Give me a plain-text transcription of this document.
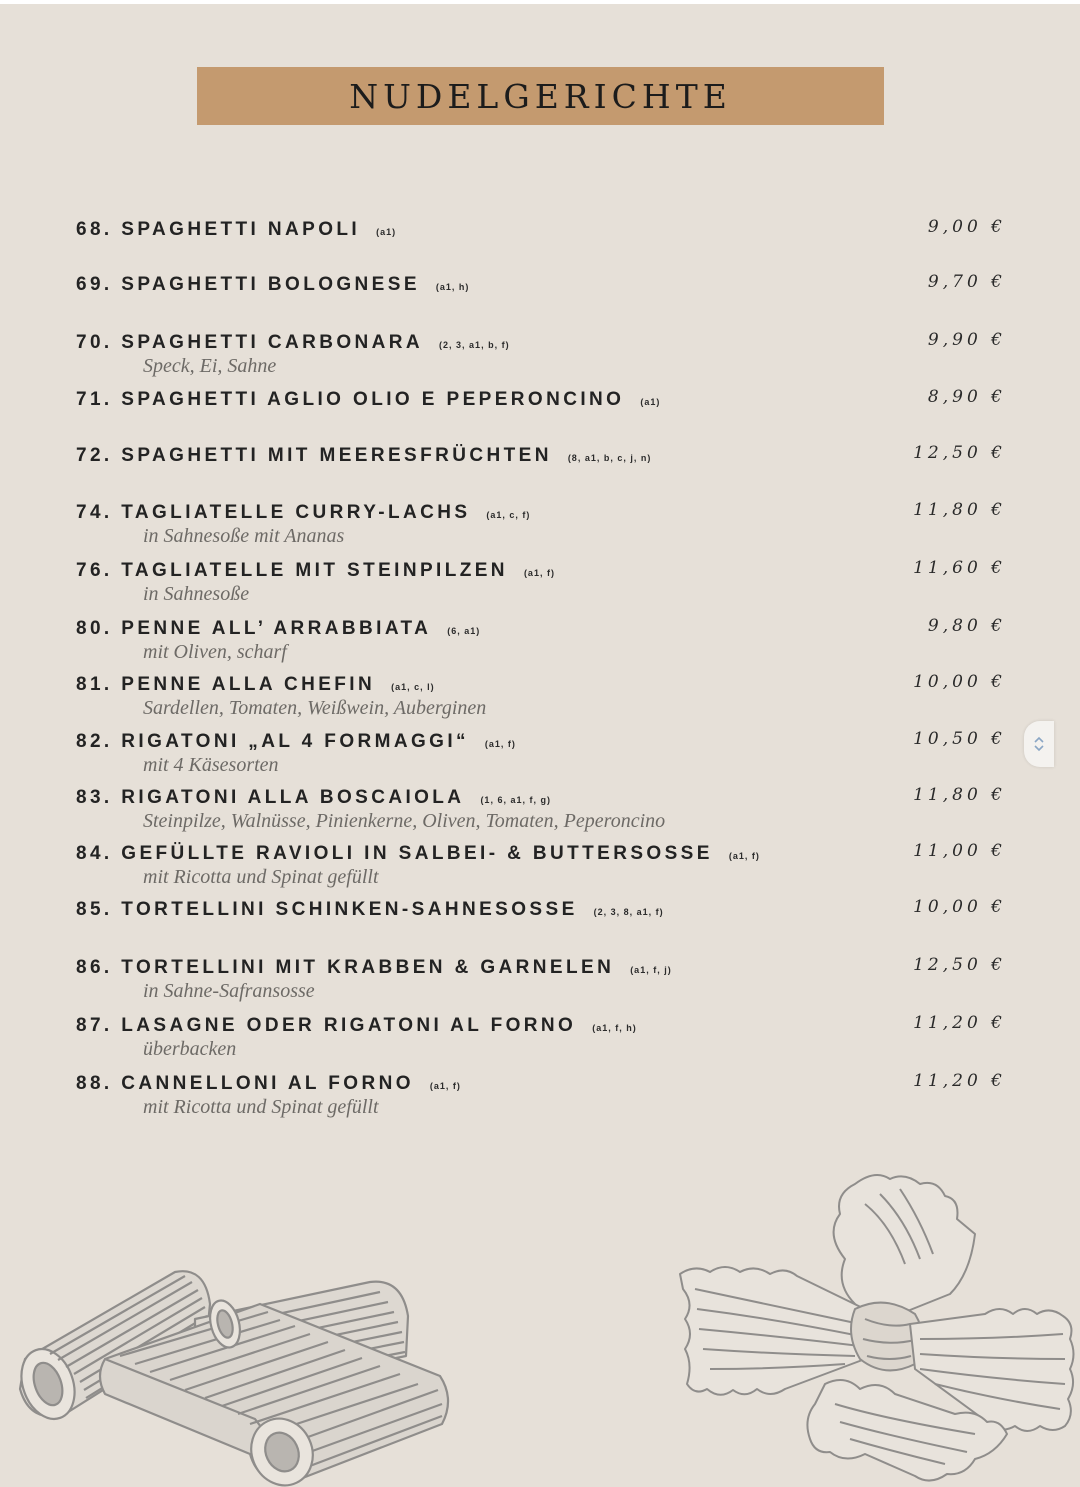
NUDELGERICHTE
68. SPAGHETTI NAPOLI (a1)	9,00 €
69. SPAGHETTI BOLOGNESE (a1, h)	9,70 €
70. SPAGHETTI CARBONARA (2, 3, a1, b, f)	9,90 €
Speck, Ei, Sahne
71. SPAGHETTI AGLIO OLIO E PEPERONCINO (a1)	8,90 €
72. SPAGHETTI MIT MEERESFRÜCHTEN (8, a1, b, c, j, n)	12,50 €
74. TAGLIATELLE CURRY-LACHS (a1, c, f)	11,80 €
in Sahnesoße mit Ananas
76. TAGLIATELLE MIT STEINPILZEN (a1, f)	11,60 €
in Sahnesoße
80. PENNE ALL’ ARRABBIATA (6, a1)	9,80 €
mit Oliven, scharf
81. PENNE ALLA CHEFIN (a1, c, l)	10,00 €
Sardellen, Tomaten, Weißwein, Auberginen
82. RIGATONI „AL 4 FORMAGGI“ (a1, f)	10,50 €
mit 4 Käsesorten
83. RIGATONI ALLA BOSCAIOLA (1, 6, a1, f, g)	11,80 €
Steinpilze, Walnüsse, Pinienkerne, Oliven, Tomaten, Peperoncino
84. GEFÜLLTE RAVIOLI IN SALBEI- & BUTTERSOSSE (a1, f)	11,00 €
mit Ricotta und Spinat gefüllt
85. TORTELLINI SCHINKEN-SAHNESOSSE (2, 3, 8, a1, f)	10,00 €
86. TORTELLINI MIT KRABBEN & GARNELEN (a1, f, j)	12,50 €
in Sahne-Safransosse
87. LASAGNE ODER RIGATONI AL FORNO (a1, f, h)	11,20 €
überbacken
88. CANNELLONI AL FORNO (a1, f)	11,20 €
mit Ricotta und Spinat gefüllt
